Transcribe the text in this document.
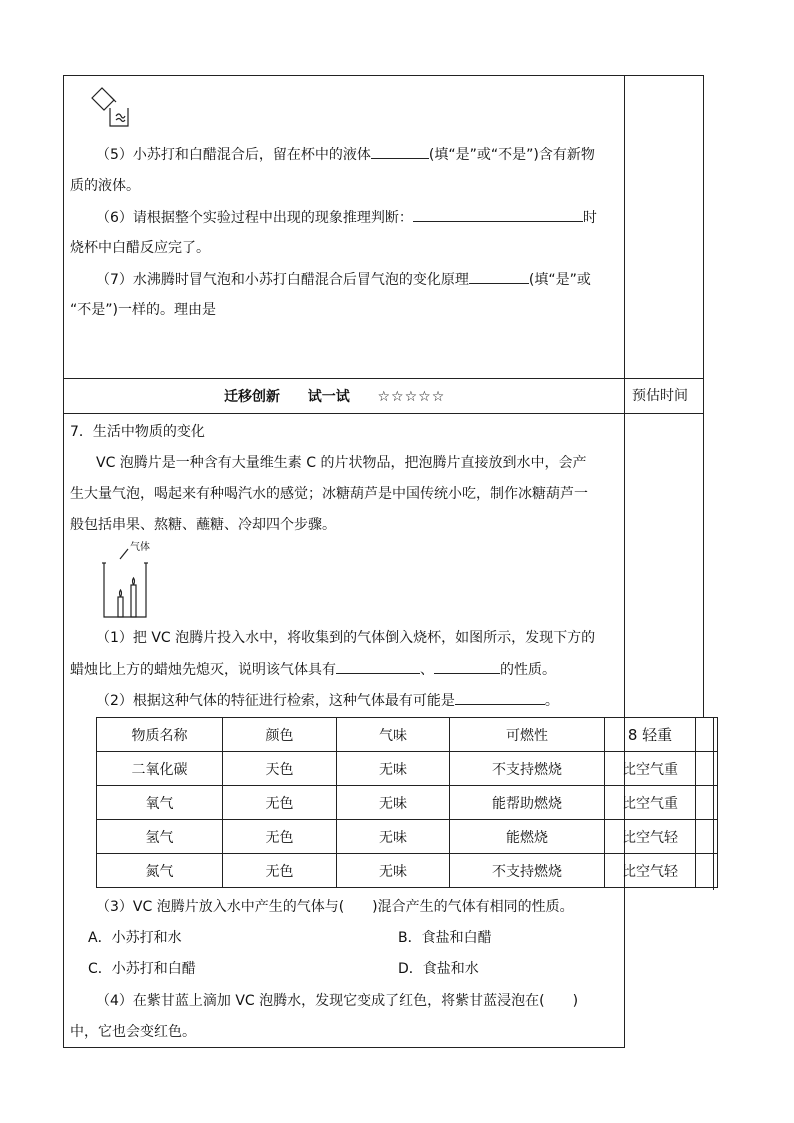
（5）小苏打和白醋混合后，留在杯中的液体	(填“是”或“不是”)含有新物
质的液体。
（6）请根据整个实验过程中出现的现象推理判断：	时
烧杯中白醋反应完了。
（7）水沸腾时冒气泡和小苏打白醋混合后冒气泡的变化原理	(填“是”或
“不是”)一样的。理由是
迁移创新 试一试 ☆☆☆☆☆	预估时间
7．生活中物质的变化
VC 泡腾片是一种含有大量维生素 C 的片状物品，把泡腾片直接放到水中，会产
生大量气泡，喝起来有种喝汽水的感觉；冰糖葫芦是中国传统小吃，制作冰糖葫芦一
般包括串果、熬糖、蘸糖、冷却四个步骤。
气体
（1）把 VC 泡腾片投入水中，将收集到的气体倒入烧杯，如图所示，发现下方的
蜡烛比上方的蜡烛先熄灭，说明该气体具有	、	的性质。
（2）根据这种气体的特征进行检索，这种气体最有可能是	。
物质名称	颜色	气味	可燃性	8 轻重	
二氧化碳	天色	无味	不支持燃烧	比空气重	
氧气	无色	无味	能帮助燃烧	比空气重	
氢气	无色	无味	能燃烧	比空气轻	
氮气	无色	无味	不支持燃烧	比空气轻	
（3）VC 泡腾片放入水中产生的气体与(　　)混合产生的气体有相同的性质。
A．小苏打和水	B．食盐和白醋
C．小苏打和白醋	D．食盐和水
（4）在紫甘蓝上滴加 VC 泡腾水，发现它变成了红色，将紫甘蓝浸泡在(　　)
中，它也会变红色。
